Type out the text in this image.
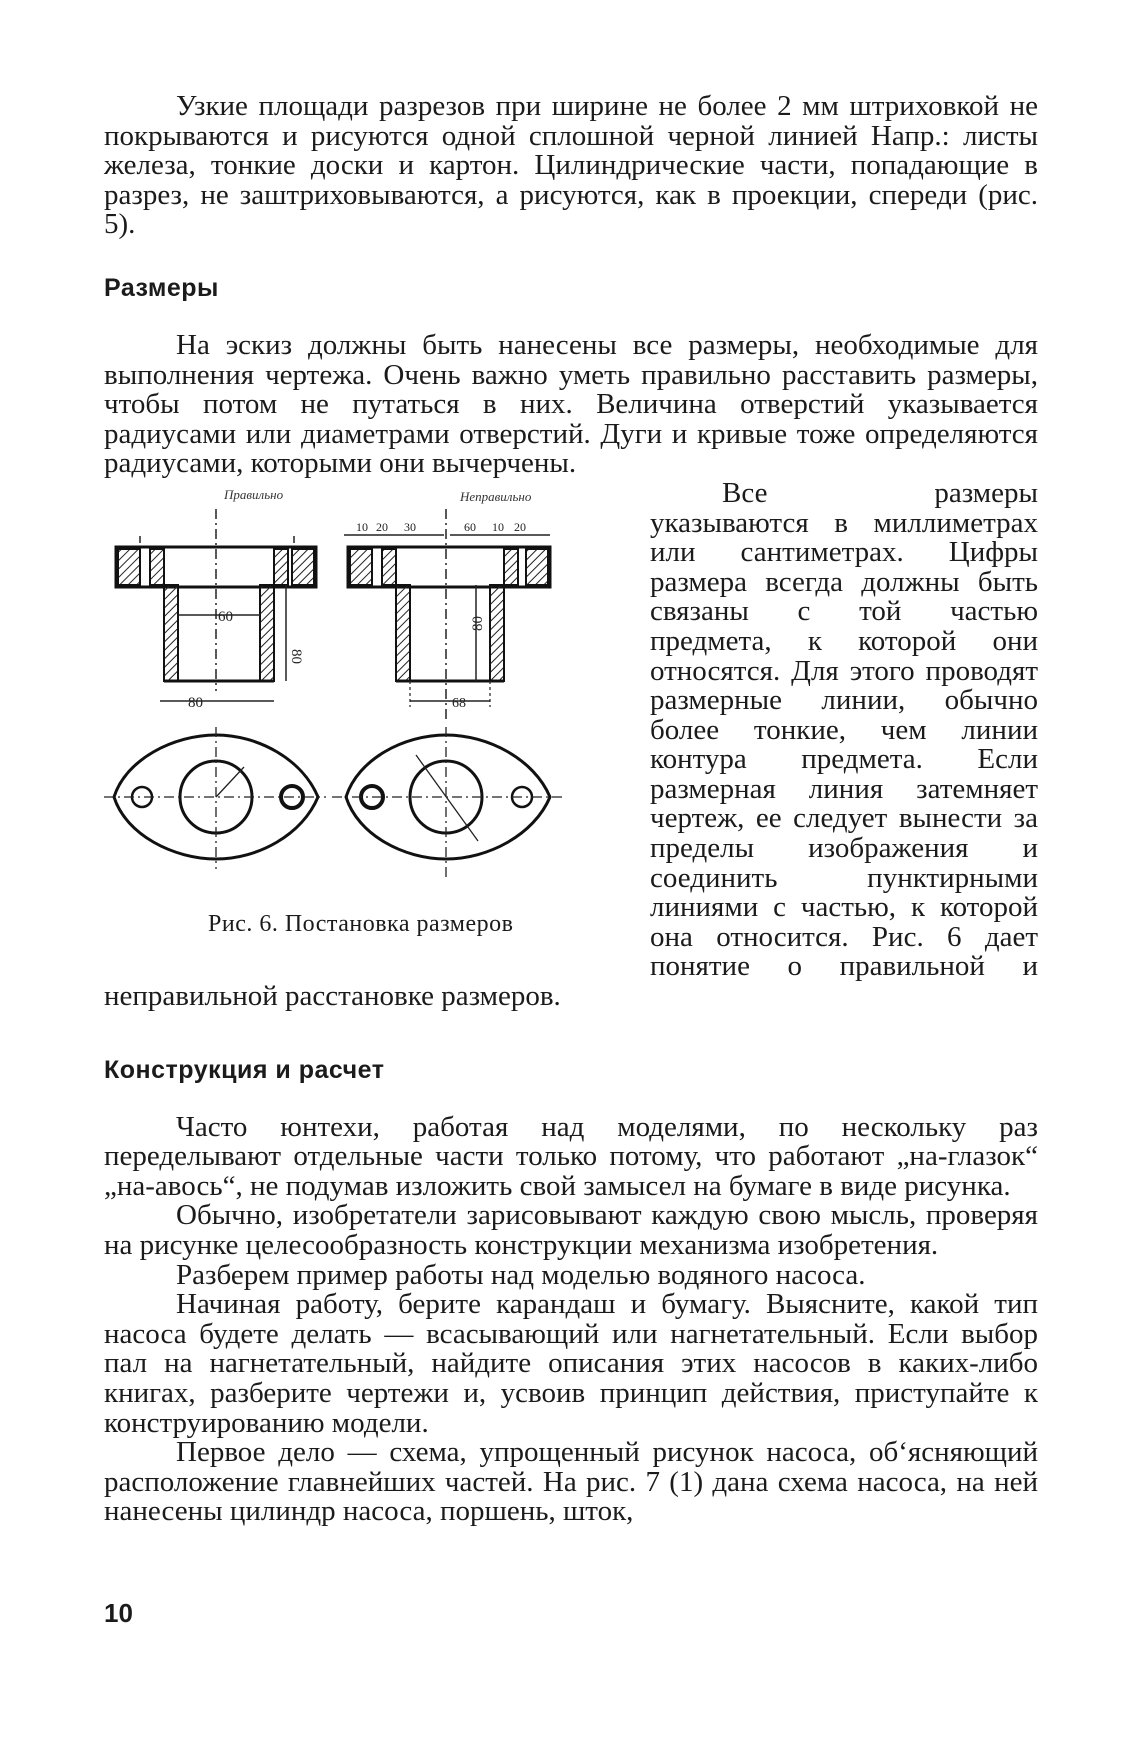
Узкие площади разрезов при ширине не более 2 мм штриховкой не покрываются и рисуются одной сплошной черной линией Напр.: листы железа, тонкие доски и картон. Цилиндрические части, попадающие в разрез, не заштриховываются, а рисуются, как в проекции, спереди (рис. 5).

Размеры

На эскиз должны быть нанесены все размеры, необходимые для выполнения чертежа. Очень важно уметь правильно расставить размеры, чтобы потом не путаться в них. Величина отверстий указывается радиусами или диаметрами отверстий. Дуги и кривые тоже определяются радиусами, которыми они вычерчены.

60
80
80
Правильно
10 20 30	60 10 20
80
68
Неправильно
Рис. 6. Постановка размеров

Все размеры указываются в миллиметрах или сантиметрах. Цифры размера всегда должны быть связаны с той частью предмета, к которой они относятся. Для этого проводят размерные линии, обычно более тонкие, чем линии контура предмета. Если размерная линия затемняет чертеж, ее следует вынести за пределы изображения и соединить пунктирными линиями с частью, к которой она относится. Рис. 6 дает понятие о правильной и неправильной расстановке размеров.

Конструкция и расчет

Часто юнтехи, работая над моделями, по нескольку раз переделывают отдельные части только потому, что работают „на-глазок“ „на-авось“, не подумав изложить свой замысел на бумаге в виде рисунка.

Обычно, изобретатели зарисовывают каждую свою мысль, проверяя на рисунке целесообразность конструкции механизма изобретения.

Разберем пример работы над моделью водяного насоса.

Начиная работу, берите карандаш и бумагу. Выясните, какой тип насоса будете делать — всасывающий или нагнетательный. Если выбор пал на нагнетательный, найдите описания этих насосов в каких-либо книгах, разберите чертежи и, усвоив принцип действия, приступайте к конструированию модели.

Первое дело — схема, упрощенный рисунок насоса, об‘ясняющий расположение главнейших частей. На рис. 7 (1) дана схема насоса, на ней нанесены цилиндр насоса, поршень, шток,

10
